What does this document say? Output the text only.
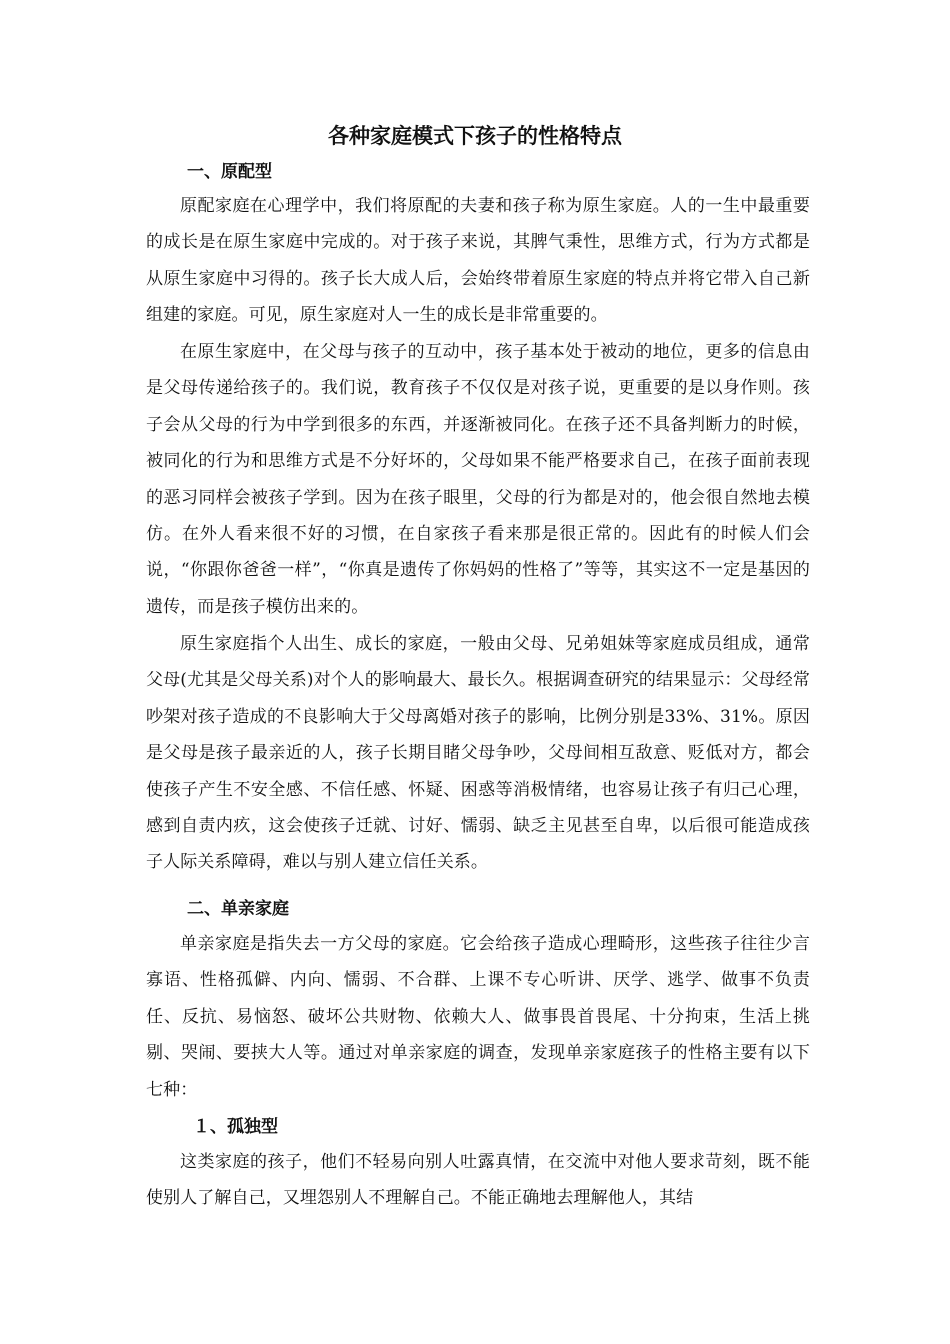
各种家庭模式下孩子的性格特点
一、原配型

原配家庭在心理学中，我们将原配的夫妻和孩子称为原生家庭。人的一生中最重要的成长是在原生家庭中完成的。对于孩子来说，其脾气秉性，思维方式，行为方式都是从原生家庭中习得的。孩子长大成人后，会始终带着原生家庭的特点并将它带入自己新组建的家庭。可见，原生家庭对人一生的成长是非常重要的。

在原生家庭中，在父母与孩子的互动中，孩子基本处于被动的地位，更多的信息由是父母传递给孩子的。我们说，教育孩子不仅仅是对孩子说，更重要的是以身作则。孩子会从父母的行为中学到很多的东西，并逐渐被同化。在孩子还不具备判断力的时候，被同化的行为和思维方式是不分好坏的，父母如果不能严格要求自己，在孩子面前表现的恶习同样会被孩子学到。因为在孩子眼里，父母的行为都是对的，他会很自然地去模仿。在外人看来很不好的习惯，在自家孩子看来那是很正常的。因此有的时候人们会说，“你跟你爸爸一样”，“你真是遗传了你妈妈的性格了”等等，其实这不一定是基因的遗传，而是孩子模仿出来的。

原生家庭指个人出生、成长的家庭，一般由父母、兄弟姐妹等家庭成员组成，通常父母(尤其是父母关系)对个人的影响最大、最长久。根据调查研究的结果显示：父母经常吵架对孩子造成的不良影响大于父母离婚对孩子的影响，比例分别是33%、31%。原因是父母是孩子最亲近的人，孩子长期目睹父母争吵，父母间相互敌意、贬低对方，都会使孩子产生不安全感、不信任感、怀疑、困惑等消极情绪，也容易让孩子有归己心理，感到自责内疚，这会使孩子迁就、讨好、懦弱、缺乏主见甚至自卑，以后很可能造成孩子人际关系障碍，难以与别人建立信任关系。

二、单亲家庭

单亲家庭是指失去一方父母的家庭。它会给孩子造成心理畸形，这些孩子往往少言寡语、性格孤僻、内向、懦弱、不合群、上课不专心听讲、厌学、逃学、做事不负责任、反抗、易恼怒、破坏公共财物、依赖大人、做事畏首畏尾、十分拘束，生活上挑剔、哭闹、要挟大人等。通过对单亲家庭的调查，发现单亲家庭孩子的性格主要有以下七种：

１、孤独型

这类家庭的孩子，他们不轻易向别人吐露真情，在交流中对他人要求苛刻，既不能使别人了解自己，又埋怨别人不理解自己。不能正确地去理解他人，其结
